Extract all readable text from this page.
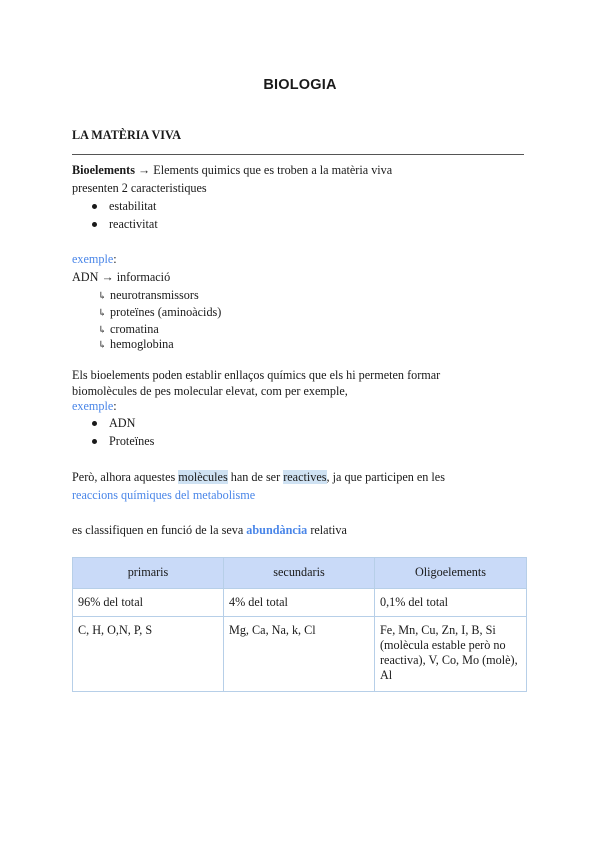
BIOLOGIA
LA MATÈRIA VIVA
Bioelements → Elements quimics que es troben a la matèria viva
presenten 2 caracteristiques
estabilitat
reactivitat
exemple:
ADN → informació
↳ neurotransmissors
↳ proteïnes (aminoàcids)
↳ cromatina
↳ hemoglobina
Els bioelements poden establir enllaços químics que els hi permeten formar
biomolècules de pes molecular elevat, com per exemple,
exemple:
ADN
Proteïnes
Però, alhora aquestes molècules han de ser reactives, ja que participen en les
reaccions químiques del metabolisme
es classifiquen en funció de la seva abundància relativa
primaris	secundaris	Oligoelements
96% del total	4% del total	0,1% del total
C, H, O,N, P, S	Mg, Ca, Na, k, Cl	Fe, Mn, Cu, Zn, I, B, Si (molècula estable però no reactiva), V, Co, Mo (molè), Al
